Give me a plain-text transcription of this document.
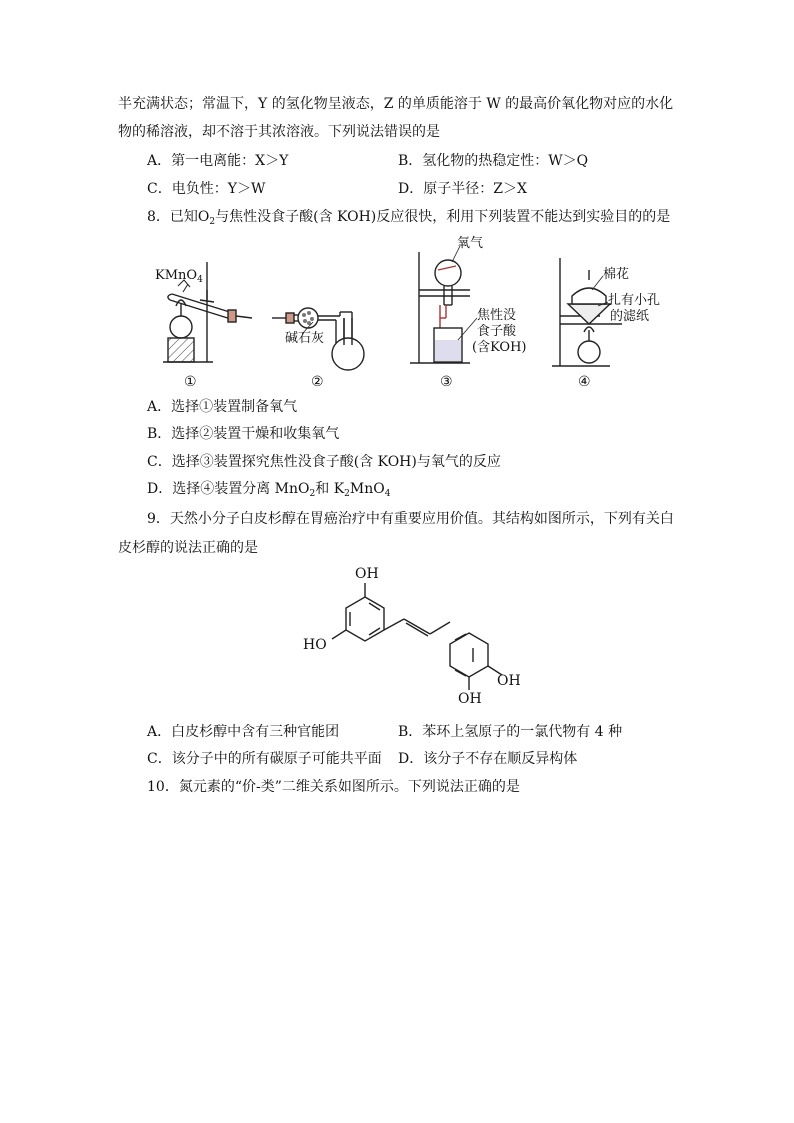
半充满状态；常温下，Y 的氢化物呈液态，Z 的单质能溶于 W 的最高价氧化物对应的水化
物的稀溶液，却不溶于其浓溶液。下列说法错误的是
A．第一电离能：X＞Y	B．氢化物的热稳定性：W＞Q
C．电负性：Y＞W	D．原子半径：Z＞X
8．已知$O_2$与焦性没食子酸(含 KOH)反应很快，利用下列装置不能达到实验目的的是
KMnO$_4$
碱石灰
氧气
焦性没
食子酸
(含KOH)
棉花
扎有小孔
的滤纸
①	②	③	④
A．选择①装置制备氧气
B．选择②装置干燥和收集氧气
C．选择③装置探究焦性没食子酸(含 KOH)与氧气的反应
D．选择④装置分离 MnO$_2$和 $K_2MnO_4$
9．天然小分子白皮杉醇在胃癌治疗中有重要应用价值。其结构如图所示，下列有关白
皮杉醇的说法正确的是
OH
HO
OH
OH
A．白皮杉醇中含有三种官能团	B．苯环上氢原子的一氯代物有 4 种
C．该分子中的所有碳原子可能共平面 D．该分子不存在顺反异构体
10．氮元素的“价-类”二维关系如图所示。下列说法正确的是
